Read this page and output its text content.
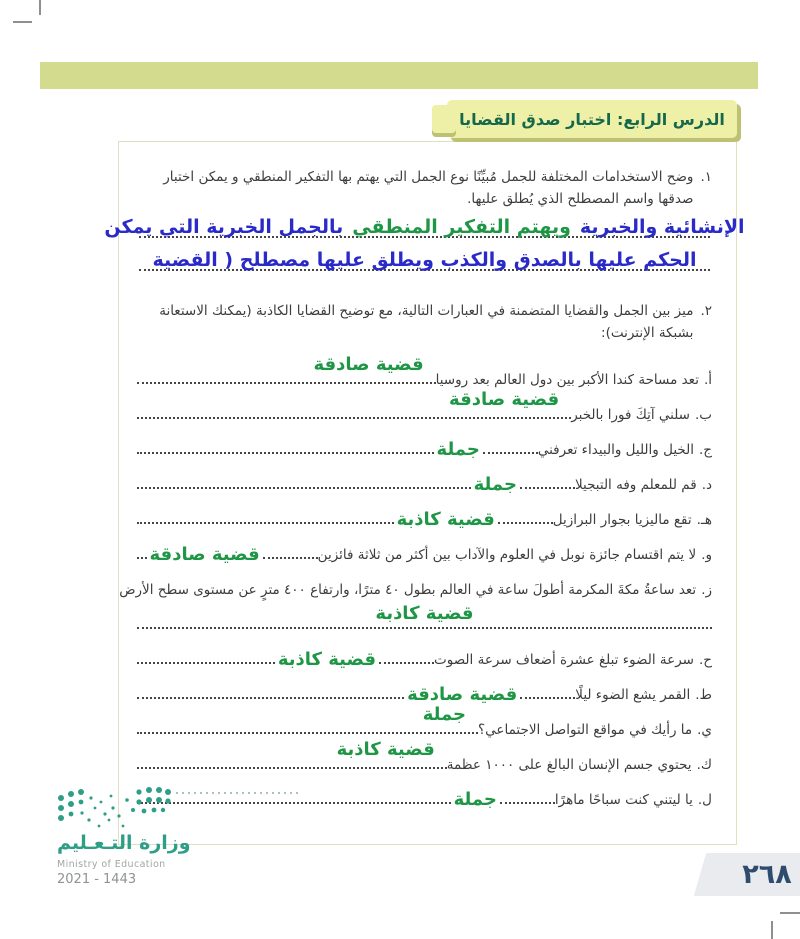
الدرس الرابع: اختبار صدق القضايا
١.
وضح الاستخدامات المختلفة للجمل مُبيِّنًا نوع الجمل التي يهتم بها التفكير المنطقي و يمكن اختبار صدقها واسم المصطلح الذي يُطلق عليها.
الإنشائية والخبرية
ويهتم التفكير المنطقي
بالجمل الخبرية التي يمكن
الحكم عليها بالصدق والكذب ويطلق عليها مصطلح ( القضية
٢.
ميز بين الجمل والقضايا المتضمنة في العبارات التالية، مع توضيح القضايا الكاذبة (يمكنك الاستعانة بشبكة الإنترنت):
أ.
تعد مساحة كندا الأكبر بين دول العالم بعد روسيا
قضية صادقة
ب.
سلني آتِكَ فورا بالخبر
قضية صادقة
ج.
الخيل والليل والبيداء تعرفني
جملة
د.
قم للمعلم وفه التبجيلا
جملة
هـ.
تقع ماليزيا بجوار البرازيل
قضية كاذبة
و.
لا يتم اقتسام جائزة نوبل في العلوم والآداب بين أكثر من ثلاثة فائزين
قضية صادقة
ز.
تعد ساعةُ مكةَ المكرمة أطولَ ساعة في العالم بطول ٤٠ مترًا، وارتفاع ٤٠٠ مترٍ عن مستوى سطح الأرض
قضية كاذبة
ح.
سرعة الضوء تبلغ عشرة أضعاف سرعة الصوت
قضية كاذبة
ط.
القمر يشع الضوء ليلًا
قضية صادقة
ي.
ما رأيك في مواقع التواصل الاجتماعي؟
جملة
ك.
يحتوي جسم الإنسان البالغ على ١٠٠٠ عظمة
قضية كاذبة
ل.
يا ليتني كنت سباحًا ماهرًا
جملة
وزارة التـعـليم
Ministry of Education
2021 - 1443	٢٦٨
